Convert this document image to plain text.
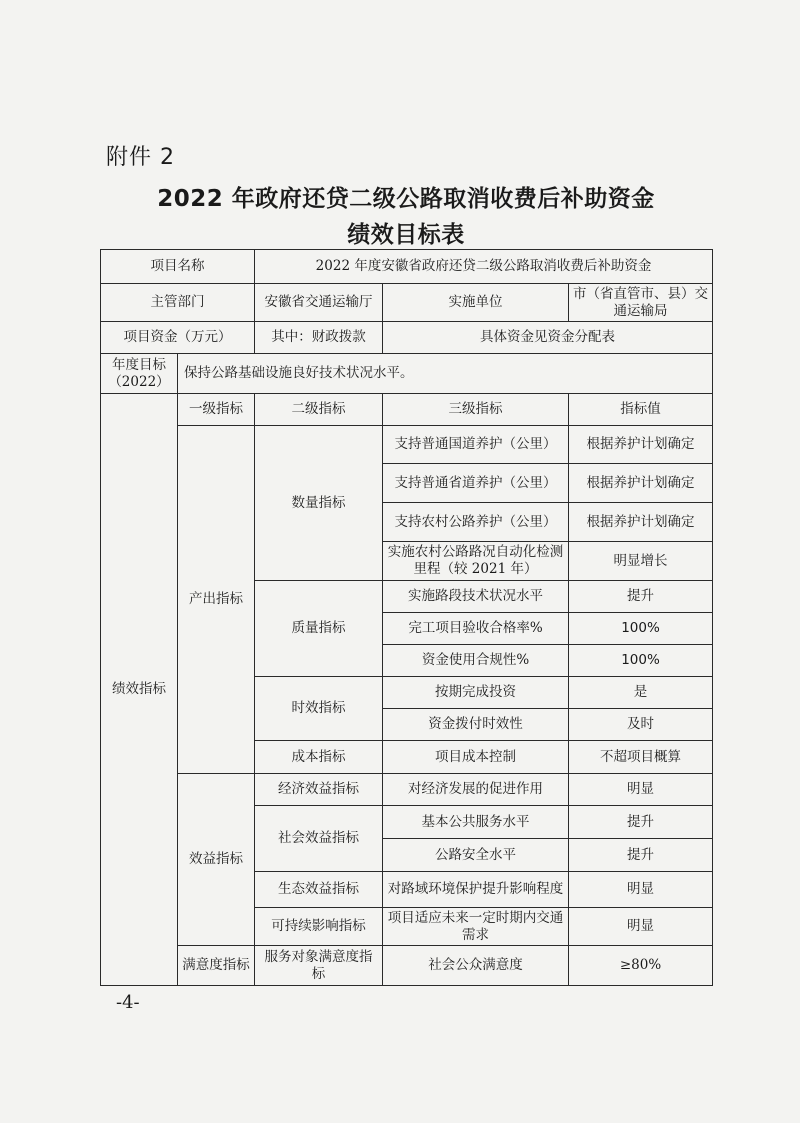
附件 2
2022 年政府还贷二级公路取消收费后补助资金
绩效目标表
项目名称		2022 年度安徽省政府还贷二级公路取消收费后补助资金		
主管部门		安徽省交通运输厅	实施单位	市（省直管市、县）交通运输局
项目资金（万元）		其中：财政拨款	具体资金见资金分配表	
年度目标（2022）	保持公路基础设施良好技术状况水平。			
绩效指标	一级指标	二级指标	三级指标	指标值
	产出指标	数量指标	支持普通国道养护（公里）	根据养护计划确定
			支持普通省道养护（公里）	根据养护计划确定
			支持农村公路养护（公里）	根据养护计划确定
			实施农村公路路况自动化检测里程（较 2021 年）	明显增长
		质量指标	实施路段技术状况水平	提升
			完工项目验收合格率%	100%
			资金使用合规性%	100%
		时效指标	按期完成投资	是
			资金拨付时效性	及时
		成本指标	项目成本控制	不超项目概算
	效益指标	经济效益指标	对经济发展的促进作用	明显
		社会效益指标	基本公共服务水平	提升
			公路安全水平	提升
		生态效益指标	对路域环境保护提升影响程度	明显
		可持续影响指标	项目适应未来一定时期内交通需求	明显
	满意度指标	服务对象满意度指标	社会公众满意度	≥80%
-4-
